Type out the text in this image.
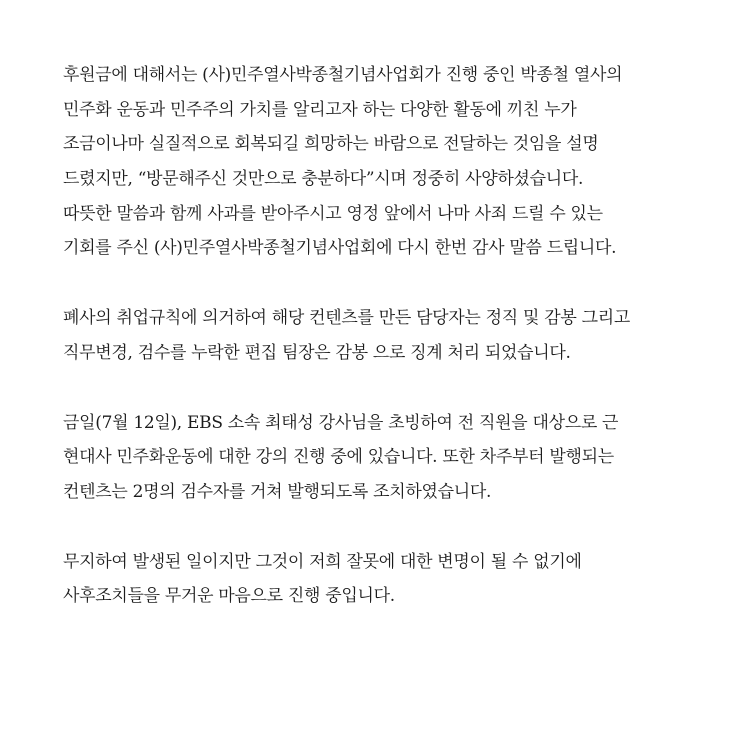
후원금에 대해서는 (사)민주열사박종철기념사업회가 진행 중인 박종철 열사의
민주화 운동과 민주주의 가치를 알리고자 하는 다양한 활동에 끼친 누가
조금이나마 실질적으로 회복되길 희망하는 바람으로 전달하는 것임을 설명
드렸지만, “방문해주신 것만으로 충분하다”시며 정중히 사양하셨습니다.
따뜻한 말씀과 함께 사과를 받아주시고 영정 앞에서 나마 사죄 드릴 수 있는
기회를 주신 (사)민주열사박종철기념사업회에 다시 한번 감사 말씀 드립니다.
폐사의 취업규칙에 의거하여 해당 컨텐츠를 만든 담당자는 정직 및 감봉 그리고
직무변경, 검수를 누락한 편집 팀장은 감봉 으로 징계 처리 되었습니다.
금일(7월 12일), EBS 소속 최태성 강사님을 초빙하여 전 직원을 대상으로 근
현대사 민주화운동에 대한 강의 진행 중에 있습니다. 또한 차주부터 발행되는
컨텐츠는 2명의 검수자를 거쳐 발행되도록 조치하였습니다.
무지하여 발생된 일이지만 그것이 저희 잘못에 대한 변명이 될 수 없기에
사후조치들을 무거운 마음으로 진행 중입니다.
